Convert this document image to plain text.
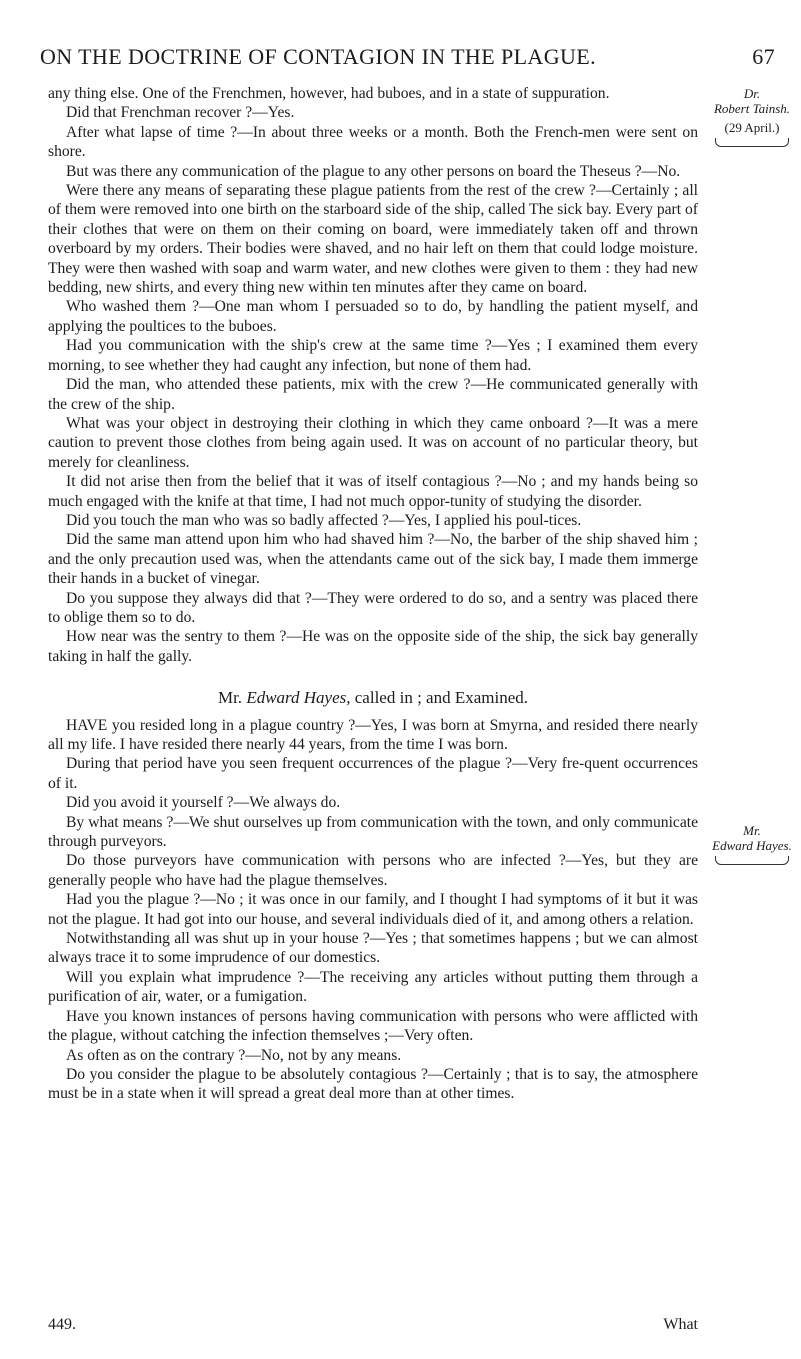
ON THE DOCTRINE OF CONTAGION IN THE PLAGUE.	67
Dr.
Robert Tainsh.
(29 April.)
Mr.
Edward Hayes.

any thing else. One of the Frenchmen, however, had buboes, and in a state of suppuration.

Did that Frenchman recover ?—Yes.

After what lapse of time ?—In about three weeks or a month. Both the French-men were sent on shore.

But was there any communication of the plague to any other persons on board the Theseus ?—No.

Were there any means of separating these plague patients from the rest of the crew ?—Certainly ; all of them were removed into one birth on the starboard side of the ship, called The sick bay. Every part of their clothes that were on them on their coming on board, were immediately taken off and thrown overboard by my orders. Their bodies were shaved, and no hair left on them that could lodge moisture. They were then washed with soap and warm water, and new clothes were given to them : they had new bedding, new shirts, and every thing new within ten minutes after they came on board.

Who washed them ?—One man whom I persuaded so to do, by handling the patient myself, and applying the poultices to the buboes.

Had you communication with the ship's crew at the same time ?—Yes ; I examined them every morning, to see whether they had caught any infection, but none of them had.

Did the man, who attended these patients, mix with the crew ?—He communicated generally with the crew of the ship.

What was your object in destroying their clothing in which they came onboard ?—It was a mere caution to prevent those clothes from being again used. It was on account of no particular theory, but merely for cleanliness.

It did not arise then from the belief that it was of itself contagious ?—No ; and my hands being so much engaged with the knife at that time, I had not much oppor-tunity of studying the disorder.

Did you touch the man who was so badly affected ?—Yes, I applied his poul-tices.

Did the same man attend upon him who had shaved him ?—No, the barber of the ship shaved him ; and the only precaution used was, when the attendants came out of the sick bay, I made them immerge their hands in a bucket of vinegar.

Do you suppose they always did that ?—They were ordered to do so, and a sentry was placed there to oblige them so to do.

How near was the sentry to them ?—He was on the opposite side of the ship, the sick bay generally taking in half the gally.

Mr. Edward Hayes, called in ; and Examined.

HAVE you resided long in a plague country ?—Yes, I was born at Smyrna, and resided there nearly all my life. I have resided there nearly 44 years, from the time I was born.

During that period have you seen frequent occurrences of the plague ?—Very fre-quent occurrences of it.

Did you avoid it yourself ?—We always do.

By what means ?—We shut ourselves up from communication with the town, and only communicate through purveyors.

Do those purveyors have communication with persons who are infected ?—Yes, but they are generally people who have had the plague themselves.

Had you the plague ?—No ; it was once in our family, and I thought I had symptoms of it but it was not the plague. It had got into our house, and several individuals died of it, and among others a relation.

Notwithstanding all was shut up in your house ?—Yes ; that sometimes happens ; but we can almost always trace it to some imprudence of our domestics.

Will you explain what imprudence ?—The receiving any articles without putting them through a purification of air, water, or a fumigation.

Have you known instances of persons having communication with persons who were afflicted with the plague, without catching the infection themselves ;—Very often.

As often as on the contrary ?—No, not by any means.

Do you consider the plague to be absolutely contagious ?—Certainly ; that is to say, the atmosphere must be in a state when it will spread a great deal more than at other times.

449.	What
